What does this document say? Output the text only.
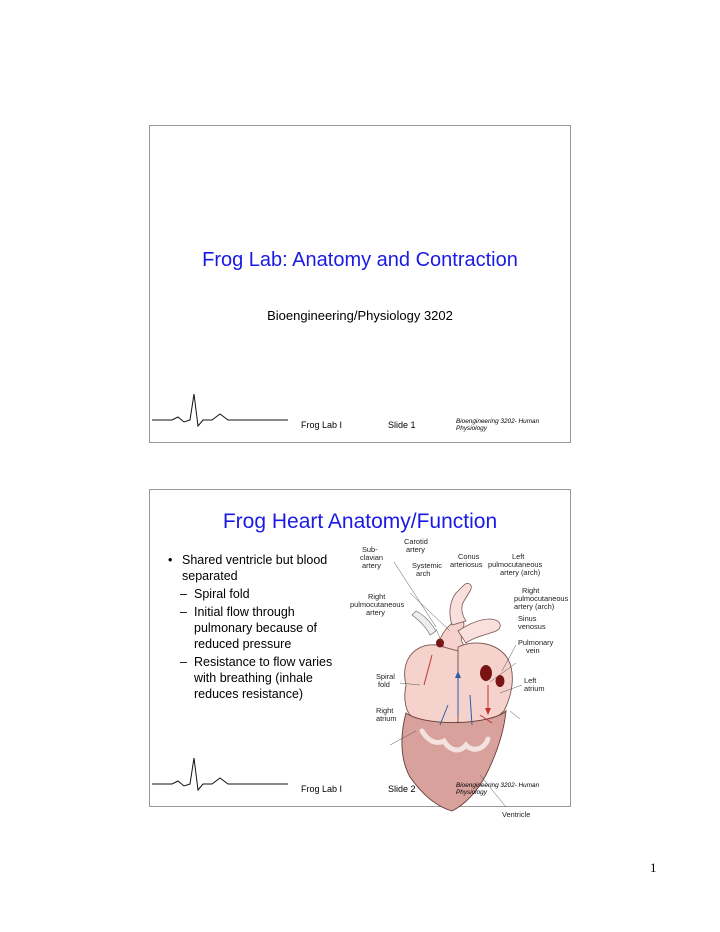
Frog Lab: Anatomy and Contraction
Bioengineering/Physiology 3202
Frog Lab I	Slide 1	Bioengineering 3202- Human Physiology
Frog Heart Anatomy/Function
• Shared ventricle but blood separated
– Spiral fold
– Initial flow through pulmonary because of reduced pressure
– Resistance to flow varies with breathing (inhale reduces resistance)
Carotid
artery
Sub-
clavian
artery	Systemic
arch
Conus
arteriosus
Left
pulmocutaneous
artery (arch)
Right
pulmocutaneous
artery (arch)
Right
pulmocutaneous
artery
Sinus
venosus
Pulmonary
vein
Spiral
fold	Left
atrium
Right
atrium
Ventricle
Frog Lab I	Slide 2	Bioengineering 3202- Human Physiology
1
